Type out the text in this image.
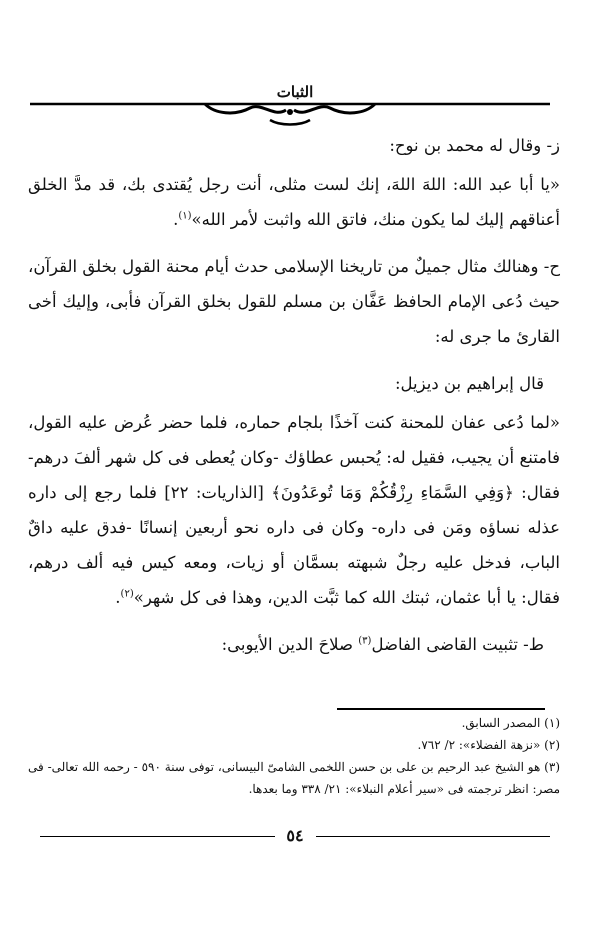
الثبات

ز- وقال له محمد بن نوح:

«يا أبا عبد الله: اللهَ اللهَ، إنك لست مثلى، أنت رجل يُقتدى بك، قد مدَّ الخلق أعناقهم إليك لما يكون منك، فاتق الله واثبت لأمر الله»$^{(١)}$.

ح- وهنالك مثال جميلٌ من تاريخنا الإسلامى حدث أيام محنة القول بخلق القرآن، حيث دُعى الإمام الحافظ عَفَّان بن مسلم للقول بخلق القرآن فأبى، وإليك أخى القارئ ما جرى له:

قال إبراهيم بن ديزيل:

«لما دُعى عفان للمحنة كنت آخذًا بلجام حماره، فلما حضر عُرض عليه القول، فامتنع أن يجيب، فقيل له: يُحبس عطاؤك -وكان يُعطى فى كل شهر ألفَ درهم- فقال: ﴿وَفِي السَّمَاءِ رِزْقُكُمْ وَمَا تُوعَدُونَ﴾ [الذاريات: ٢٢] فلما رجع إلى داره عذله نساؤه ومَن فى داره- وكان فى داره نحو أربعين إنسانًا -فدق عليه داقٌ الباب، فدخل عليه رجلٌ شبهته بسمَّان أو زيات، ومعه كيس فيه ألف درهم، فقال: يا أبا عثمان، ثبتك الله كما ثبَّت الدين، وهذا فى كل شهر»$^{(٢)}$.

ط- تثبيت القاضى الفاضل$^{(٣)}$ صلاحَ الدين الأيوبى:

(١) المصدر السابق.

(٢) «نزهة الفضلاء»: ٢/ ٧٦٢.

(٣) هو الشيخ عبد الرحيم بن على بن حسن اللخمى الشامىّ البيسانى، توفى سنة ٥٩٠ - رحمه الله تعالى- فى مصر: انظر ترجمته فى «سير أعلام النبلاء»: ٢١/ ٣٣٨ وما بعدها.

٥٤
